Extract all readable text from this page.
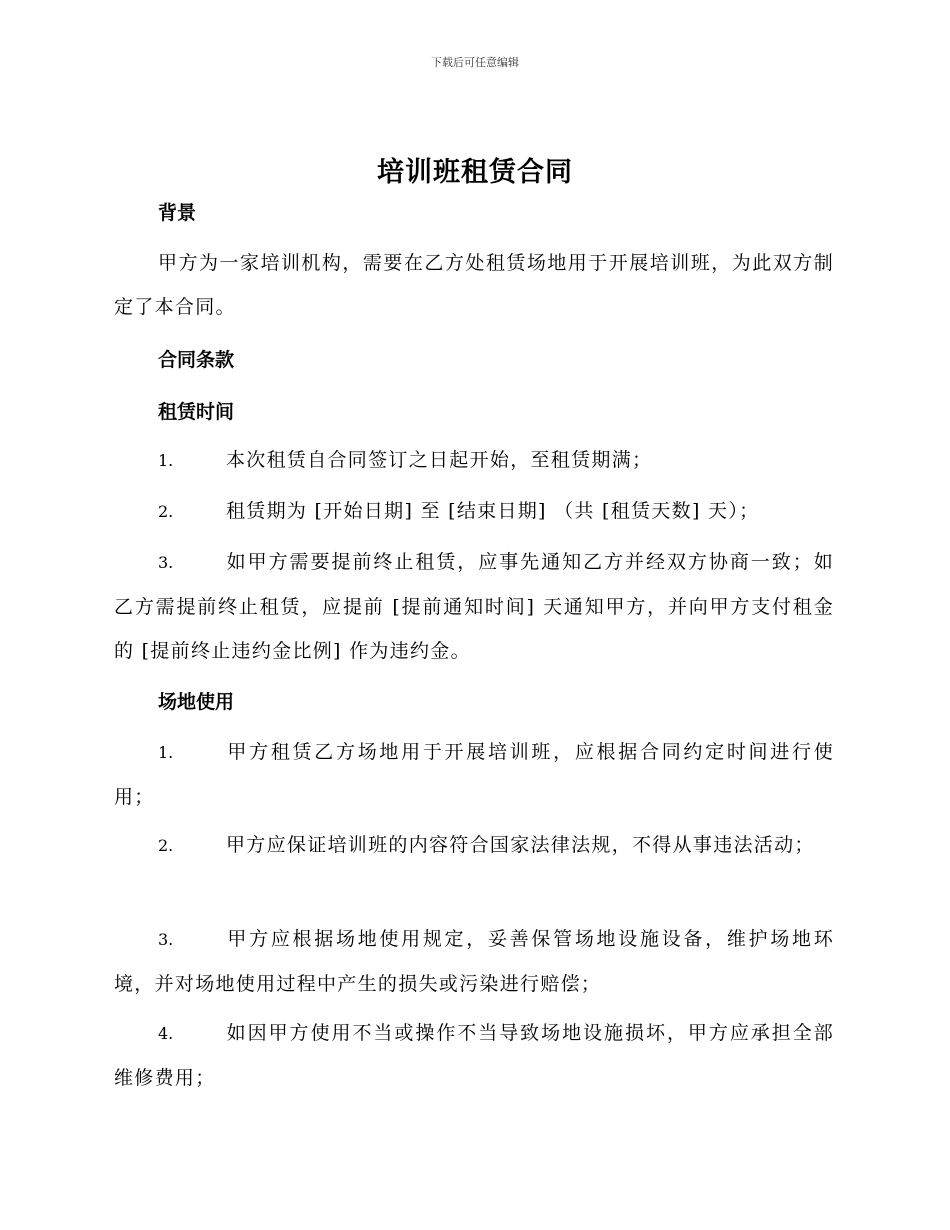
下载后可任意编辑
培训班租赁合同
背景
甲方为一家培训机构，需要在乙方处租赁场地用于开展培训班，为此双方制定了本合同。
合同条款
租赁时间
1.	本次租赁自合同签订之日起开始，至租赁期满；
2.	租赁期为 [开始日期] 至 [结束日期] （共 [租赁天数] 天）；
3.	如甲方需要提前终止租赁，应事先通知乙方并经双方协商一致；如乙方需提前终止租赁，应提前 [提前通知时间] 天通知甲方，并向甲方支付租金的 [提前终止违约金比例] 作为违约金。
场地使用
1.	甲方租赁乙方场地用于开展培训班，应根据合同约定时间进行使用；
2.	甲方应保证培训班的内容符合国家法律法规，不得从事违法活动；
3.	甲方应根据场地使用规定，妥善保管场地设施设备，维护场地环境，并对场地使用过程中产生的损失或污染进行赔偿；
4.	如因甲方使用不当或操作不当导致场地设施损坏，甲方应承担全部维修费用；
